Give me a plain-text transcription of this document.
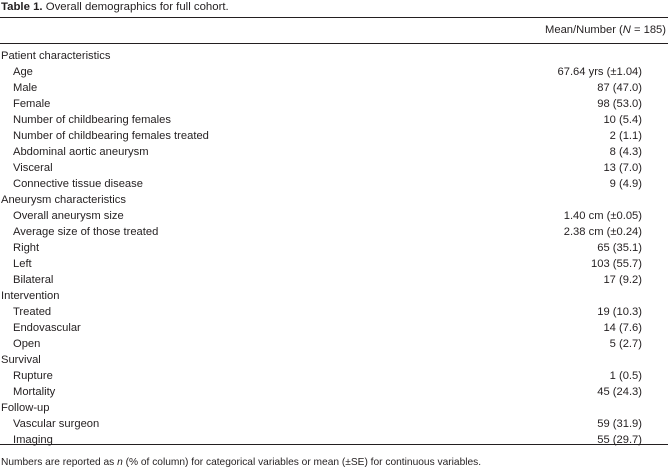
Table 1. Overall demographics for full cohort.
Mean/Number (N = 185)
Patient characteristics	
Age	67.64 yrs (±1.04)
Male	87 (47.0)
Female	98 (53.0)
Number of childbearing females	10 (5.4)
Number of childbearing females treated	2 (1.1)
Abdominal aortic aneurysm	8 (4.3)
Visceral	13 (7.0)
Connective tissue disease	9 (4.9)
Aneurysm characteristics	
Overall aneurysm size	1.40 cm (±0.05)
Average size of those treated	2.38 cm (±0.24)
Right	65 (35.1)
Left	103 (55.7)
Bilateral	17 (9.2)
Intervention	
Treated	19 (10.3)
Endovascular	14 (7.6)
Open	5 (2.7)
Survival	
Rupture	1 (0.5)
Mortality	45 (24.3)
Follow-up	
Vascular surgeon	59 (31.9)
Imaging	55 (29.7)
Numbers are reported as n (% of column) for categorical variables or mean (±SE) for continuous variables.
